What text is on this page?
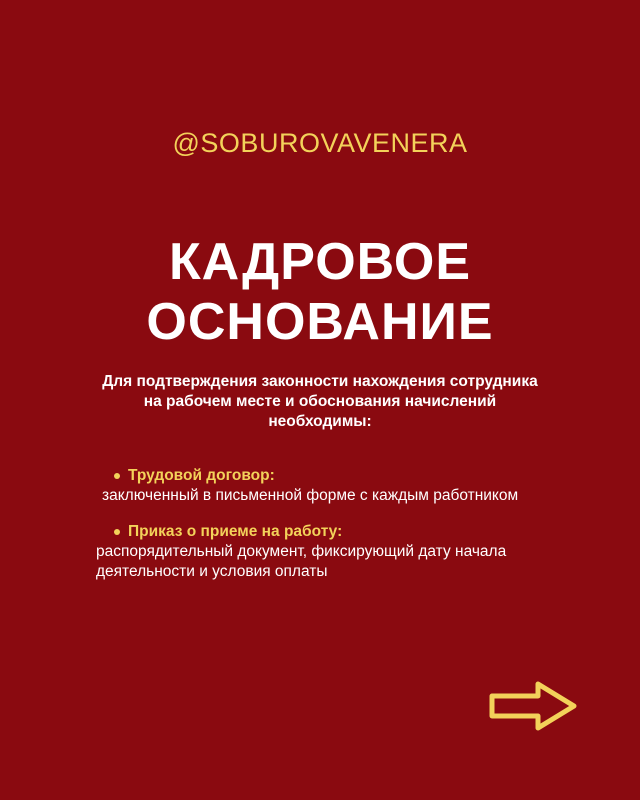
@SOBUROVAVENERA
КАДРОВОЕ
ОСНОВАНИЕ
Для подтверждения законности нахождения сотрудника
на рабочем месте и обоснования начислений
необходимы:
Трудовой договор:
заключенный в письменной форме с каждым работником
Приказ о приеме на работу:
распорядительный документ, фиксирующий дату начала
деятельности и условия оплаты
